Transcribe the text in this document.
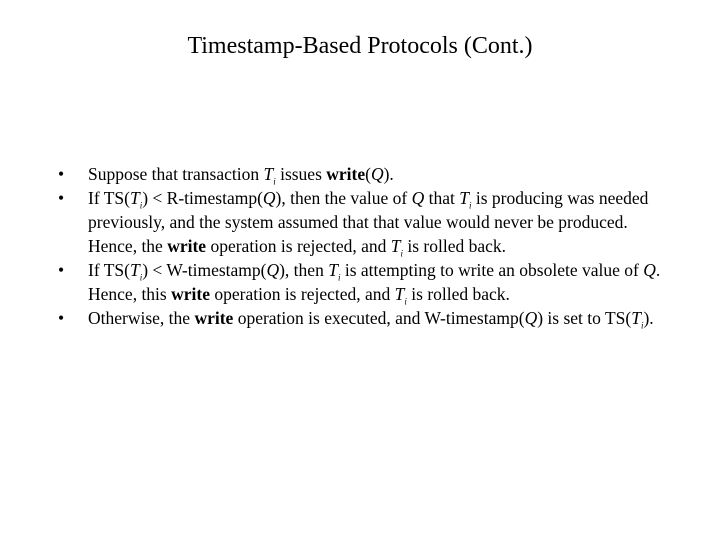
Timestamp-Based Protocols (Cont.)
•	Suppose that transaction $T_i$ issues write(Q).
•	If $TS(T_i)$ < R-timestamp(Q), then the value of Q that $T_i$ is producing was needed previously, and the system assumed that that value would never be produced. Hence, the write operation is rejected, and $T_i$ is rolled back.
•	If $TS(T_i)$ < W-timestamp(Q), then $T_i$ is attempting to write an obsolete value of Q. Hence, this write operation is rejected, and $T_i$ is rolled back.
•	Otherwise, the write operation is executed, and W-timestamp(Q) is set to $TS(T_i)$.
